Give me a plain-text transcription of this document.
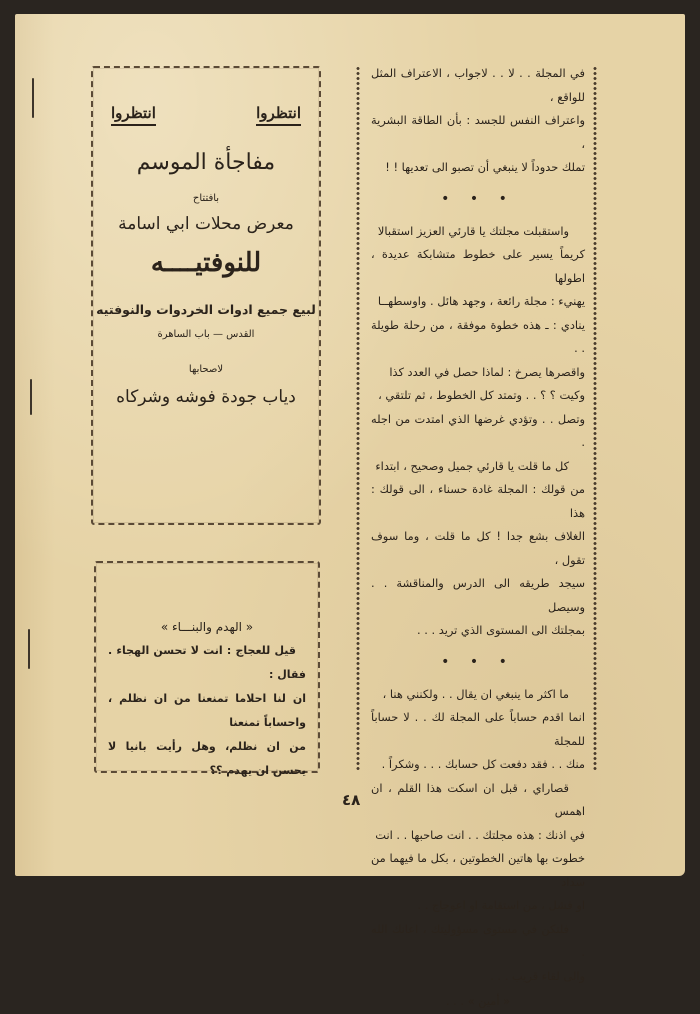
انتظروا
انتظروا
مفاجأة الموسم
بافتتاح
معرض محلات ابي اسامة
للنوفتيــــه
لبيع جميع ادوات الخردوات والنوفتيه
القدس — باب الساهرة
لاصحابها
دياب جودة فوشه وشركاه
« الهدم والبنـــاء »

قيل للعجاج : انت لا تحسن الهجاء . فقال :

ان لنا احلاما تمنعنا من ان نظلم ، واحساباً تمنعنا

من ان نظلم، وهل رأيت بانيا لا يحسن ان يهدم ؟؟

٤٨

في المجلة . . لا . . لاجواب ، الاعتراف المثل للواقع ،

واعتراف النفس للجسد : بأن الطاقة البشرية ،

تملك حدوداً لا ينبغي أن تصبو الى تعديها ! !

• • •

واستقبلت مجلتك يا قارئي العزيز استقبالا

كريماً يسير على خطوط متشابكة عديدة ، اطولها

يهنيء : مجلة رائعة ، وجهد هائل . واوسطهــا

ينادي : ـ هذه خطوة موفقة ، من رحلة طويلة . .

واقصرها يصرخ : لماذا حصل في العدد كذا

وكيت ؟ ؟ . . وتمتد كل الخطوط ، ثم تلتقي ،

وتصل . . وتؤدي غرضها الذي امتدت من اجله .

كل ما قلت يا قارئي جميل وصحيح ، ابتداء

من قولك : المجلة غادة حسناء ، الى قولك : هذا

الغلاف بشع جدا ! كل ما قلت ، وما سوف تقول ،

سيجد طريقه الى الدرس والمناقشة . . وسيصل

بمجلتك الى المستوى الذي تريد . . .

• • •

ما اكثر ما ينبغي ان يقال . . ولكنني هنا ،

انما اقدم حساباً على المجلة لك . . لا حساباً للمجلة

منك . . فقد دفعت كل حسابك . . . وشكراً .

قصاراي ، قبل ان اسكت هذا القلم ، ان اهمس

في اذنك : هذه مجلتك . . انت صاحبها . . انت

خطوت بها هاتين الخطوتين ، بكل ما فيهما من سداد

او فشل ، من استقامة او اعوجاج . .

فلتكن في مستوى مسؤوليتك ، اعانك الله .

والى لقاء قريب . . .

« أمين » . . .
